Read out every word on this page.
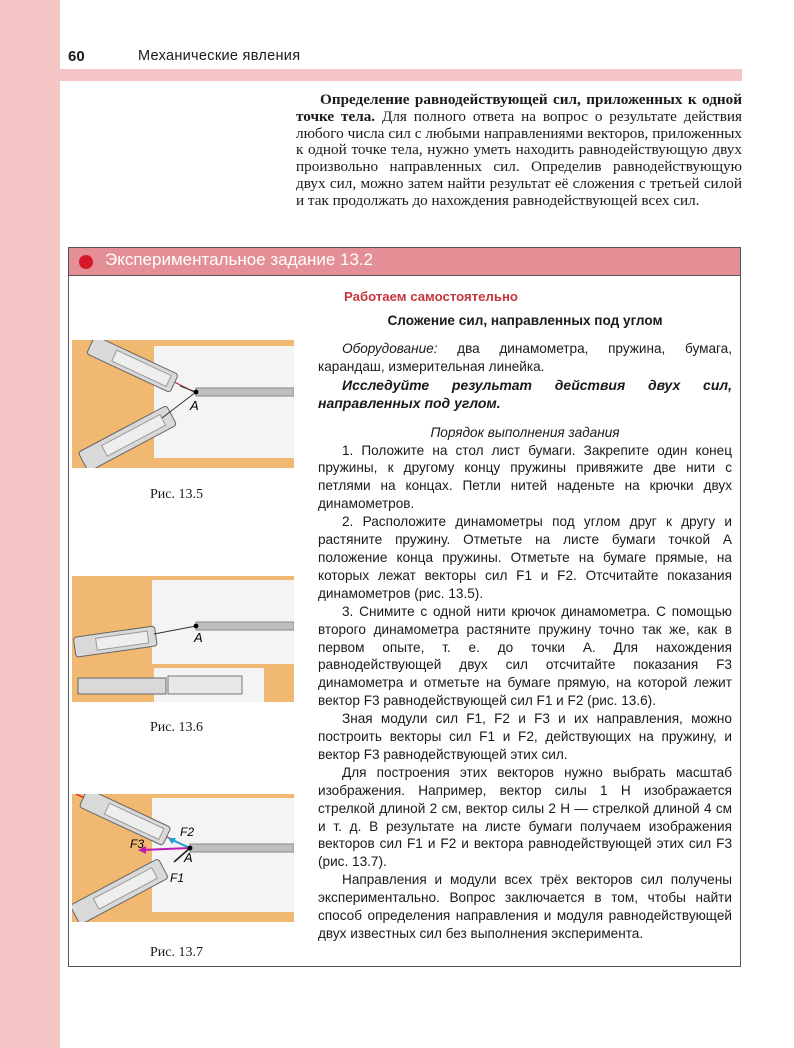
60	Механические явления
Определение равнодействующей сил, приложенных к одной точке тела. Для полного ответа на вопрос о результате действия любого числа сил с любыми направлениями векторов, приложенных к одной точке тела, нужно уметь находить равнодействующую двух произвольно направленных сил. Определив равнодействующую двух сил, можно затем найти результат её сложения с третьей силой и так продолжать до нахождения равнодействующей всех сил.
Экспериментальное задание 13.2
A
Рис. 13.5
A
Рис. 13.6
A
F2
F3
F1
Рис. 13.7
Работаем самостоятельно
Сложение сил, направленных под углом
Оборудование: два динамометра, пружина, бумага, карандаш, измерительная линейка.
Исследуйте результат действия двух сил, направленных под углом.
Порядок выполнения задания
1. Положите на стол лист бумаги. Закрепите один конец пружины, к другому концу пружины привяжите две нити с петлями на концах. Петли нитей наденьте на крючки двух динамометров.
2. Расположите динамометры под углом друг к другу и растяните пружину. Отметьте на листе бумаги точкой A положение конца пружины. Отметьте на бумаге прямые, на которых лежат векторы сил F1 и F2. Отсчитайте показания динамометров (рис. 13.5).
3. Снимите с одной нити крючок динамометра. С помощью второго динамометра растяните пружину точно так же, как в первом опыте, т. е. до точки A. Для нахождения равнодействующей двух сил отсчитайте показания F3 динамометра и отметьте на бумаге прямую, на которой лежит вектор F3 равнодействующей сил F1 и F2 (рис. 13.6).
Зная модули сил F1, F2 и F3 и их направления, можно построить векторы сил F1 и F2, действующих на пружину, и вектор F3 равнодействующей этих сил.
Для построения этих векторов нужно выбрать масштаб изображения. Например, вектор силы 1 Н изображается стрелкой длиной 2 см, вектор силы 2 Н — стрелкой длиной 4 см и т. д. В результате на листе бумаги получаем изображения векторов сил F1 и F2 и вектора равнодействующей этих сил F3 (рис. 13.7).
Направления и модули всех трёх векторов сил получены экспериментально. Вопрос заключается в том, чтобы найти способ определения направления и модуля равнодействующей двух известных сил без выполнения эксперимента.
